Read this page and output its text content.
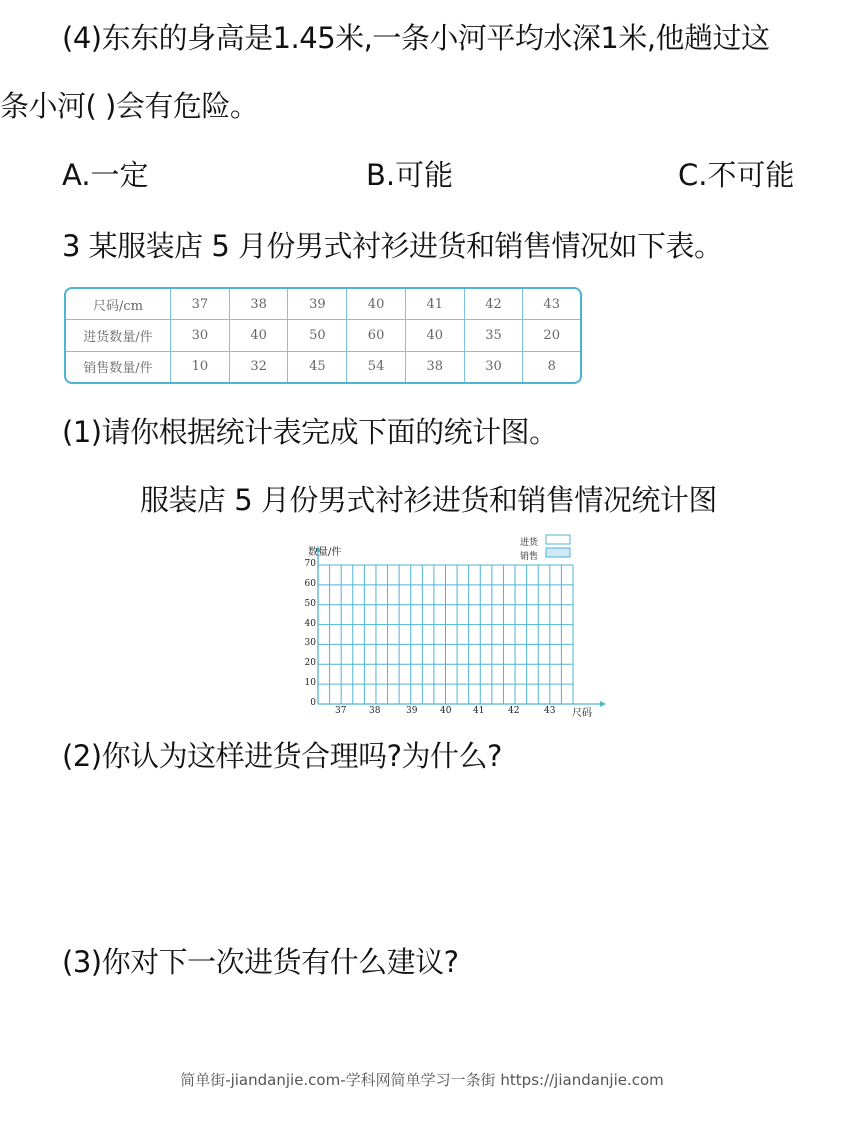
(4)东东的身高是1.45米,一条小河平均水深1米,他趟过这
条小河( )会有危险。
A.一定	B.可能	C.不可能
3 某服装店 5 月份男式衬衫进货和销售情况如下表。
尺码/cm	37	38	39	40	41	42	43
进货数量/件	30	40	50	60	40	35	20
销售数量/件	10	32	45	54	38	30	8
(1)请你根据统计表完成下面的统计图。
服装店 5 月份男式衬衫进货和销售情况统计图
数量/件
尺码
进货
销售
0
10
20
30
40
50
60
70
37	38	39	40 41	42	43
(2)你认为这样进货合理吗?为什么?
(3)你对下一次进货有什么建议?
简单街-jiandanjie.com-学科网简单学习一条街 https://jiandanjie.com
